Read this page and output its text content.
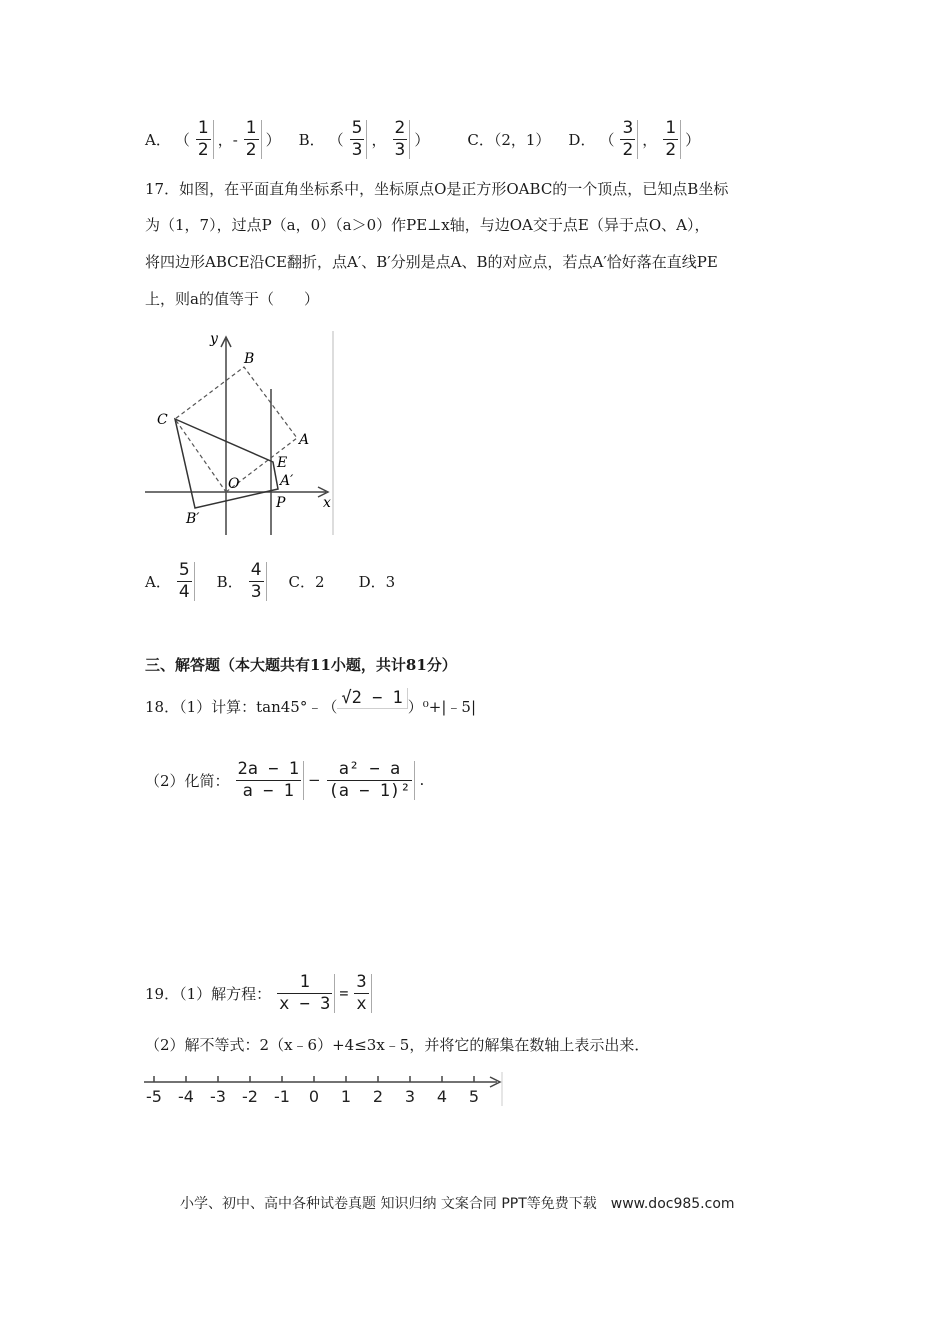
A． （ $\frac{1}{2}$ ，- $\frac{1}{2}$ ） B． （ $\frac{5}{3}$ ， $\frac{2}{3}$ ）	C．（2，1） D． （ $\frac{3}{2}$ ， $\frac{1}{2}$ ）
17．如图，在平面直角坐标系中，坐标原点O是正方形OABC的一个顶点，已知点B坐标
为（1，7），过点P（a，0）（a＞0）作PE⊥x轴，与边OA交于点E（异于点O、A），
将四边形ABCE沿CE翻折，点A′、B′分别是点A、B的对应点，若点A′恰好落在直线PE
上，则a的值等于（　　）
y
B
C
A
E
O	A′
P	x
B′
A． $\frac{5}{4}$ B． $\frac{4}{3}$ C．2 D．3
三、解答题（本大题共有11小题，共计81分）
18．（1）计算：tan45°﹣（ √2 − 1 ）⁰+|﹣5|
（2）化简： $\frac{2a - 1}{a - 1} - \frac{\text{a² − a}}{\text{(a − 1)²}}$ .
19．（1）解方程： $\frac{1}{x - 3} = \frac{3}{x}$
（2）解不等式：2（x﹣6）+4≤3x﹣5，并将它的解集在数轴上表示出来．
-5 -4 -3 -2 -1 0 1 2 3 4 5
小学、初中、高中各种试卷真题 知识归纳 文案合同 PPT等免费下载　www.doc985.com
